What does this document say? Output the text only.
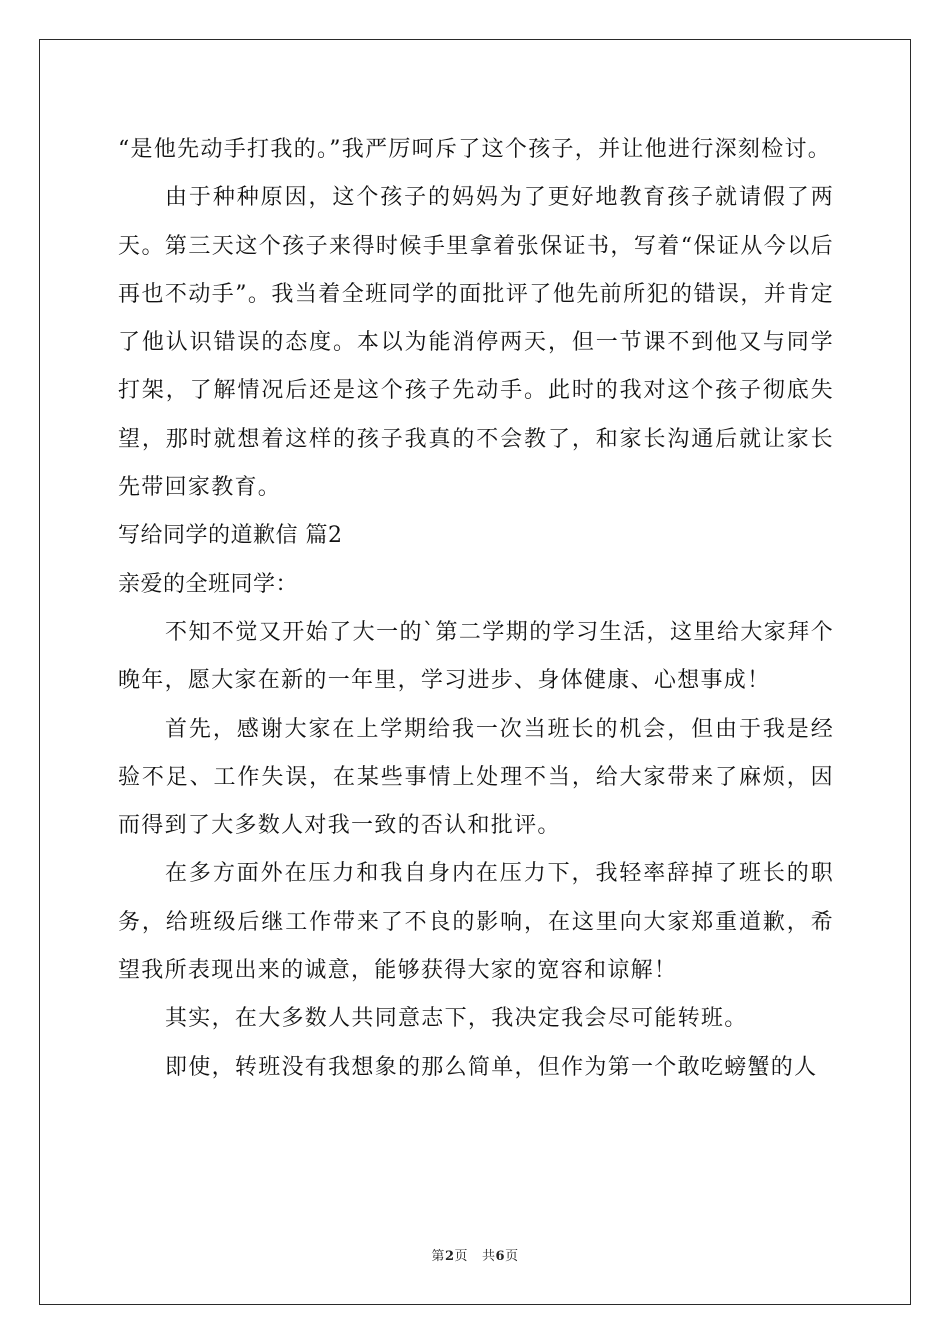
“是他先动手打我的。”我严厉呵斥了这个孩子，并让他进行深刻检讨。

由于种种原因，这个孩子的妈妈为了更好地教育孩子就请假了两天。第三天这个孩子来得时候手里拿着张保证书，写着“保证从今以后再也不动手”。我当着全班同学的面批评了他先前所犯的错误，并肯定了他认识错误的态度。本以为能消停两天，但一节课不到他又与同学打架，了解情况后还是这个孩子先动手。此时的我对这个孩子彻底失望，那时就想着这样的孩子我真的不会教了，和家长沟通后就让家长先带回家教育。

写给同学的道歉信 篇2

亲爱的全班同学：

不知不觉又开始了大一的`第二学期的学习生活，这里给大家拜个晚年，愿大家在新的一年里，学习进步、身体健康、心想事成！

首先，感谢大家在上学期给我一次当班长的机会，但由于我是经验不足、工作失误，在某些事情上处理不当，给大家带来了麻烦，因而得到了大多数人对我一致的否认和批评。

在多方面外在压力和我自身内在压力下，我轻率辞掉了班长的职务，给班级后继工作带来了不良的影响，在这里向大家郑重道歉，希望我所表现出来的诚意，能够获得大家的宽容和谅解！

其实，在大多数人共同意志下，我决定我会尽可能转班。

即使，转班没有我想象的那么简单，但作为第一个敢吃螃蟹的人

第2页 共6页
